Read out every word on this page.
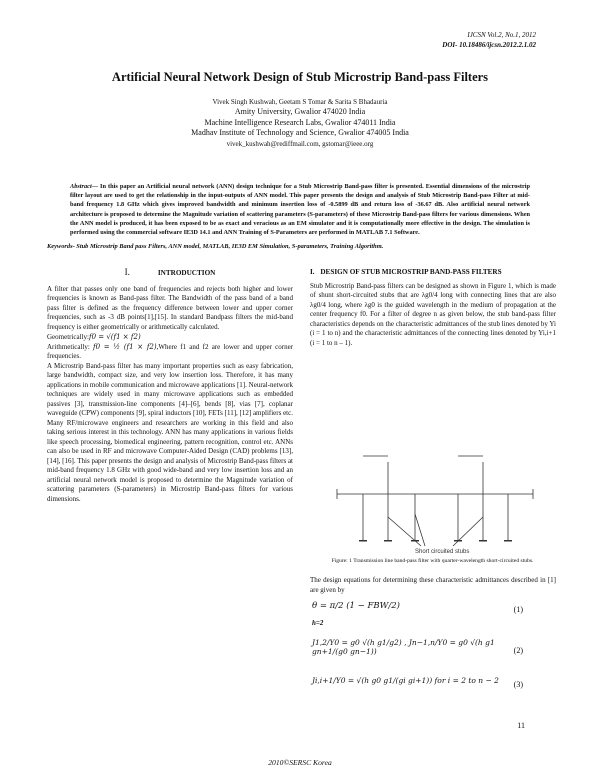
IJCSN Vol.2, No.1, 2012
DOI- 10.18486/ijcsn.2012.2.1.02
Artificial Neural Network Design of Stub Microstrip Band-pass Filters
Vivek Singh Kushwah, Geetam S Tomar & Sarita S Bhadauria
Amity University, Gwalior 474020 India
Machine Intelligence Research Labs, Gwalior 474011 India
Madhav Institute of Technology and Science, Gwalior 474005 India
vivek_kushwah@rediffmail.com, gstomar@ieee.org
Abstract— In this paper an Artificial neural network (ANN) design technique for a Stub Microstrip Band-pass filter is presented. Essential dimensions of the microstrip filter layout are used to get the relationship in the input-outputs of ANN model. This paper presents the design and analysis of Stub Microstrip Band-pass Filter at mid-band frequency 1.8 GHz which gives improved bandwidth and minimum insertion loss of -0.5899 dB and return loss of -36.67 dB. Also artificial neural network architecture is proposed to determine the Magnitude variation of scattering parameters (S-parameters) of these Microstrip Band-pass filters for various dimensions. When the ANN model is produced, it has been exposed to be as exact and veracious as an EM simulator and it is computationally more effective in the design. The simulation is performed using the commercial software IE3D 14.1 and ANN Training of S-Parameters are performed in MATLAB 7.1 Software.
Keywords- Stub Microstrip Band pass Filters, ANN model, MATLAB, IE3D EM Simulation, S-parameters, Training Algorithm.
I.	INTRODUCTION

A filter that passes only one band of frequencies and rejects both higher and lower frequencies is known as Band-pass filter. The Bandwidth of the pass band of a band pass filter is defined as the frequency difference between lower and upper corner frequencies, such as -3 dB points[1],[15]. In standard Bandpass filters the mid-band frequency is either geometrically or arithmetically calculated.

Geometrically:f0 = √(f1 × f2)

Arithmetically: f0 = ½ (f1 × f2),Where f1 and f2 are lower and upper corner frequencies.

A Microstrip Band-pass filter has many important properties such as easy fabrication, large bandwidth, compact size, and very low insertion loss. Therefore, it has many applications in mobile communication and microwave applications [1]. Neural-network techniques are widely used in many microwave applications such as embedded passives [3], transmission-line components [4]–[6], bends [8], vias [7], coplanar waveguide (CPW) components [9], spiral inductors [10], FETs [11], [12] amplifiers etc. Many RF/microwave engineers and researchers are working in this field and also taking serious interest in this technology. ANN has many applications in various fields like speech processing, biomedical engineering, pattern recognition, control etc. ANNs can also be used in RF and microwave Computer-Aided Design (CAD) problems [13], [14], [16]. This paper presents the design and analysis of Microstrip Band-pass filters at mid-band frequency 1.8 GHz with good wide-band and very low insertion loss and an artificial neural network model is proposed to determine the Magnitude variation of scattering parameters (S-parameters) in Microstrip Band-pass filters for various dimensions.

I. DESIGN OF STUB MICROSTRIP BAND-PASS FILTERS

Stub Microstrip Band-pass filters can be designed as shown in Figure 1, which is made of shunt short-circuited stubs that are λg0/4 long with connecting lines that are also λg0/4 long, where λg0 is the guided wavelength in the medium of propagation at the center frequency f0. For a filter of degree n as given below, the stub band-pass filter characteristics depends on the characteristic admittances of the stub lines denoted by Yi (i = 1 to n) and the characteristic admittances of the connecting lines denoted by Yi,i+1 (i = 1 to n – 1).

Short circuited stubs
Figure: 1 Transmission line band-pass filter with quarter-wavelength short-circuited stubs.

The design equations for determining these characteristic admittances described in [1] are given by

θ = π/2 (1 − FBW/2)	(1)
h=2
J1,2/Y0 = g0 √(h g1/g2) , Jn−1,n/Y0 = g0 √(h g1 gn+1/(g0 gn−1))	(2)
Ji,i+1/Y0 = √(h g0 g1/(gi gi+1)) for i = 2 to n − 2	(3)
11
2010©SERSC Korea
